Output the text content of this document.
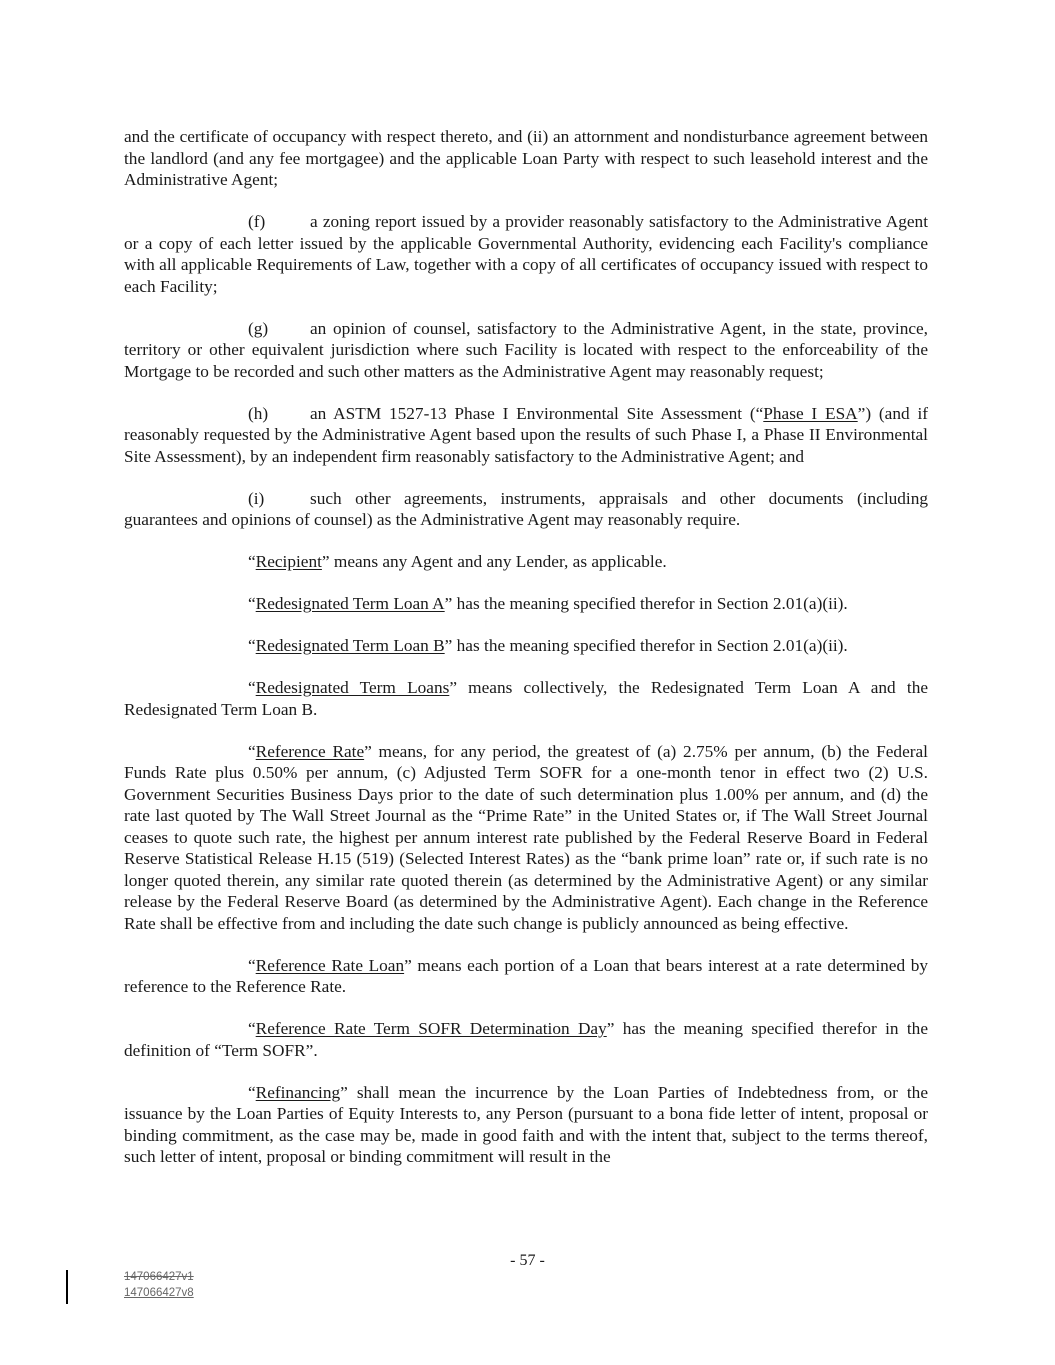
and the certificate of occupancy with respect thereto, and (ii) an attornment and nondisturbance agreement between the landlord (and any fee mortgagee) and the applicable Loan Party with respect to such leasehold interest and the Administrative Agent;

(f)	a zoning report issued by a provider reasonably satisfactory to the Administrative Agent or a copy of each letter issued by the applicable Governmental Authority, evidencing each Facility's compliance with all applicable Requirements of Law, together with a copy of all certificates of occupancy issued with respect to each Facility;

(g) an opinion of counsel, satisfactory to the Administrative Agent, in the state, province, territory or other equivalent jurisdiction where such Facility is located with respect to the enforceability of the Mortgage to be recorded and such other matters as the Administrative Agent may reasonably request;

(h) an ASTM 1527-13 Phase I Environmental Site Assessment (“Phase I ESA”) (and if reasonably requested by the Administrative Agent based upon the results of such Phase I, a Phase II Environmental Site Assessment), by an independent firm reasonably satisfactory to the Administrative Agent; and

(i)	such other agreements, instruments, appraisals and other documents (including guarantees and opinions of counsel) as the Administrative Agent may reasonably require.

“Recipient” means any Agent and any Lender, as applicable.

“Redesignated Term Loan A” has the meaning specified therefor in Section 2.01(a)(ii).

“Redesignated Term Loan B” has the meaning specified therefor in Section 2.01(a)(ii).

“Redesignated Term Loans” means collectively, the Redesignated Term Loan A and the Redesignated Term Loan B.

“Reference Rate” means, for any period, the greatest of (a) 2.75% per annum, (b) the Federal Funds Rate plus 0.50% per annum, (c) Adjusted Term SOFR for a one-month tenor in effect two (2) U.S. Government Securities Business Days prior to the date of such determination plus 1.00% per annum, and (d) the rate last quoted by The Wall Street Journal as the “Prime Rate” in the United States or, if The Wall Street Journal ceases to quote such rate, the highest per annum interest rate published by the Federal Reserve Board in Federal Reserve Statistical Release H.15 (519) (Selected Interest Rates) as the “bank prime loan” rate or, if such rate is no longer quoted therein, any similar rate quoted therein (as determined by the Administrative Agent) or any similar release by the Federal Reserve Board (as determined by the Administrative Agent). Each change in the Reference Rate shall be effective from and including the date such change is publicly announced as being effective.

“Reference Rate Loan” means each portion of a Loan that bears interest at a rate determined by reference to the Reference Rate.

“Reference Rate Term SOFR Determination Day” has the meaning specified therefor in the definition of “Term SOFR”.

“Refinancing” shall mean the incurrence by the Loan Parties of Indebtedness from, or the issuance by the Loan Parties of Equity Interests to, any Person (pursuant to a bona fide letter of intent, proposal or binding commitment, as the case may be, made in good faith and with the intent that, subject to the terms thereof, such letter of intent, proposal or binding commitment will result in the

- 57 -
147066427v1
147066427v8
